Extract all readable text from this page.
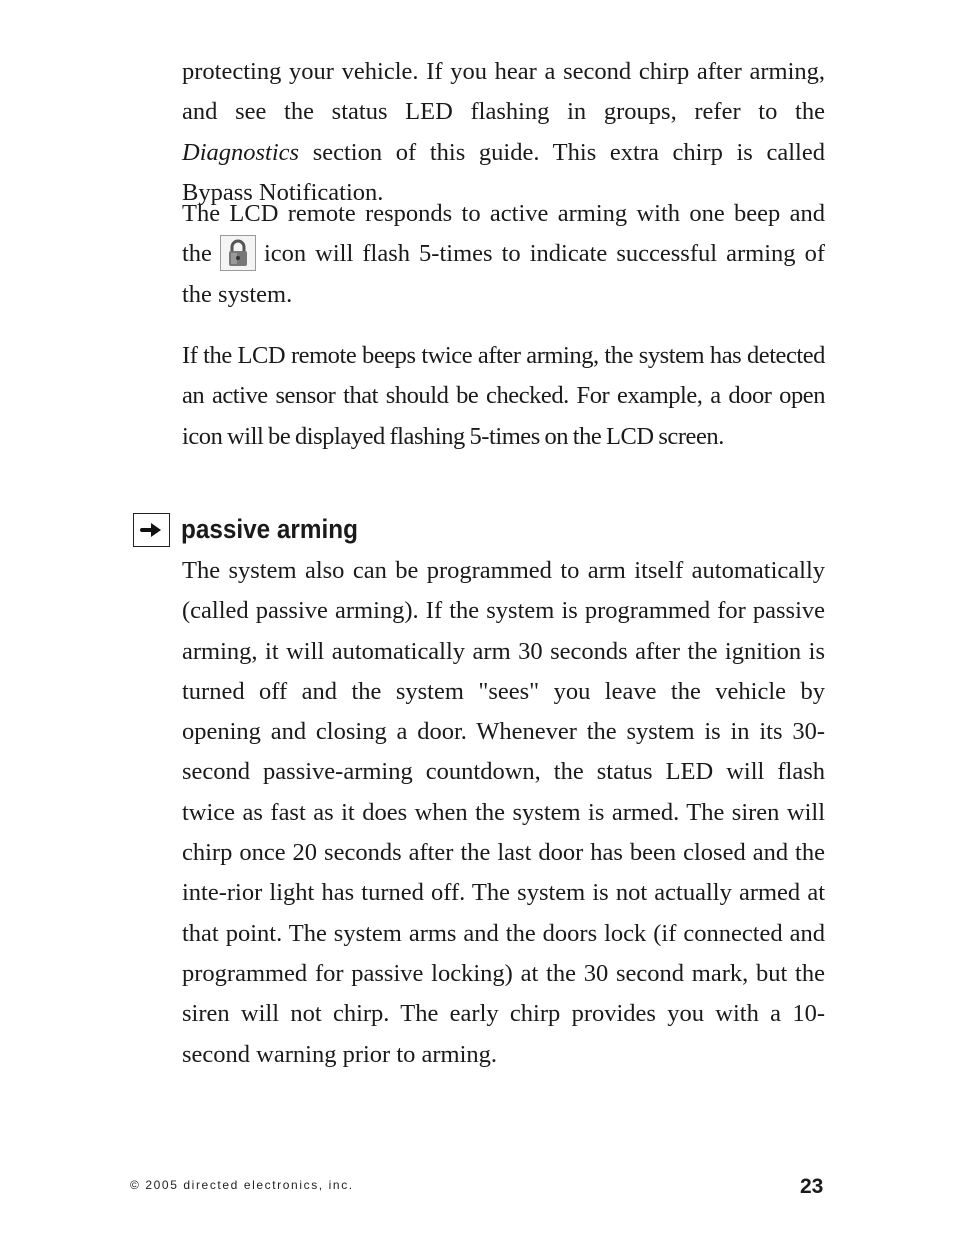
protecting your vehicle. If you hear a second chirp after arming, and see the status LED flashing in groups, refer to the Diagnostics section of this guide. This extra chirp is called Bypass Notification.

The LCD remote responds to active arming with one beep and the icon will flash 5-times to indicate successful arming of the system.

If the LCD remote beeps twice after arming, the system has detected an active sensor that should be checked. For example, a door open icon will be displayed flashing 5-times on the LCD screen.

passive arming

The system also can be programmed to arm itself automatically (called passive arming). If the system is programmed for passive arming, it will automatically arm 30 seconds after the ignition is turned off and the system "sees" you leave the vehicle by opening and closing a door. Whenever the system is in its 30-second passive-arming countdown, the status LED will flash twice as fast as it does when the system is armed. The siren will chirp once 20 seconds after the last door has been closed and the inte-rior light has turned off. The system is not actually armed at that point. The system arms and the doors lock (if connected and programmed for passive locking) at the 30 second mark, but the siren will not chirp. The early chirp provides you with a 10-second warning prior to arming.

© 2005 directed electronics, inc.	23
